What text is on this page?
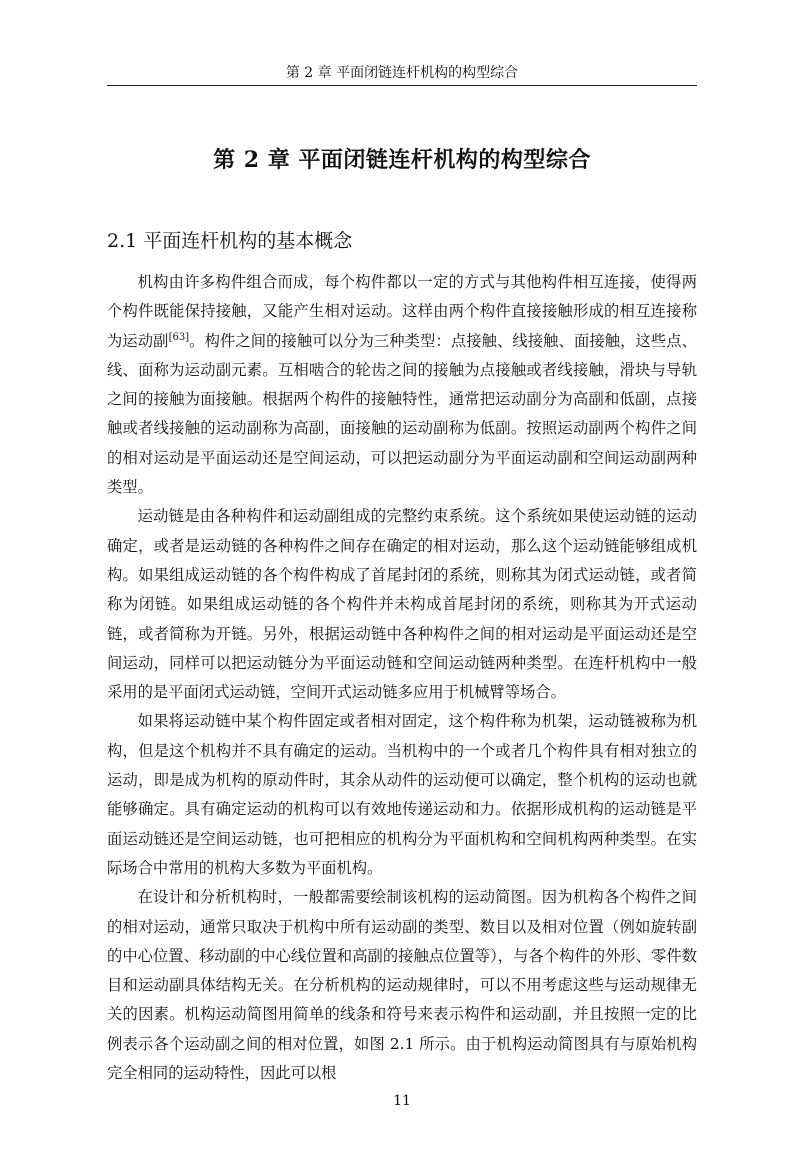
第 2 章 平面闭链连杆机构的构型综合
第 2 章 平面闭链连杆机构的构型综合
2.1 平面连杆机构的基本概念

机构由许多构件组合而成，每个构件都以一定的方式与其他构件相互连接，使得两个构件既能保持接触，又能产生相对运动。这样由两个构件直接接触形成的相互连接称为运动副[63]。构件之间的接触可以分为三种类型：点接触、线接触、面接触，这些点、线、面称为运动副元素。互相啮合的轮齿之间的接触为点接触或者线接触，滑块与导轨之间的接触为面接触。根据两个构件的接触特性，通常把运动副分为高副和低副，点接触或者线接触的运动副称为高副，面接触的运动副称为低副。按照运动副两个构件之间的相对运动是平面运动还是空间运动，可以把运动副分为平面运动副和空间运动副两种类型。

运动链是由各种构件和运动副组成的完整约束系统。这个系统如果使运动链的运动确定，或者是运动链的各种构件之间存在确定的相对运动，那么这个运动链能够组成机构。如果组成运动链的各个构件构成了首尾封闭的系统，则称其为闭式运动链，或者简称为闭链。如果组成运动链的各个构件并未构成首尾封闭的系统，则称其为开式运动链，或者简称为开链。另外，根据运动链中各种构件之间的相对运动是平面运动还是空间运动，同样可以把运动链分为平面运动链和空间运动链两种类型。在连杆机构中一般采用的是平面闭式运动链，空间开式运动链多应用于机械臂等场合。

如果将运动链中某个构件固定或者相对固定，这个构件称为机架，运动链被称为机构，但是这个机构并不具有确定的运动。当机构中的一个或者几个构件具有相对独立的运动，即是成为机构的原动件时，其余从动件的运动便可以确定，整个机构的运动也就能够确定。具有确定运动的机构可以有效地传递运动和力。依据形成机构的运动链是平面运动链还是空间运动链，也可把相应的机构分为平面机构和空间机构两种类型。在实际场合中常用的机构大多数为平面机构。

在设计和分析机构时，一般都需要绘制该机构的运动简图。因为机构各个构件之间的相对运动，通常只取决于机构中所有运动副的类型、数目以及相对位置（例如旋转副的中心位置、移动副的中心线位置和高副的接触点位置等），与各个构件的外形、零件数目和运动副具体结构无关。在分析机构的运动规律时，可以不用考虑这些与运动规律无关的因素。机构运动简图用简单的线条和符号来表示构件和运动副，并且按照一定的比例表示各个运动副之间的相对位置，如图 2.1 所示。由于机构运动简图具有与原始机构完全相同的运动特性，因此可以根

11
